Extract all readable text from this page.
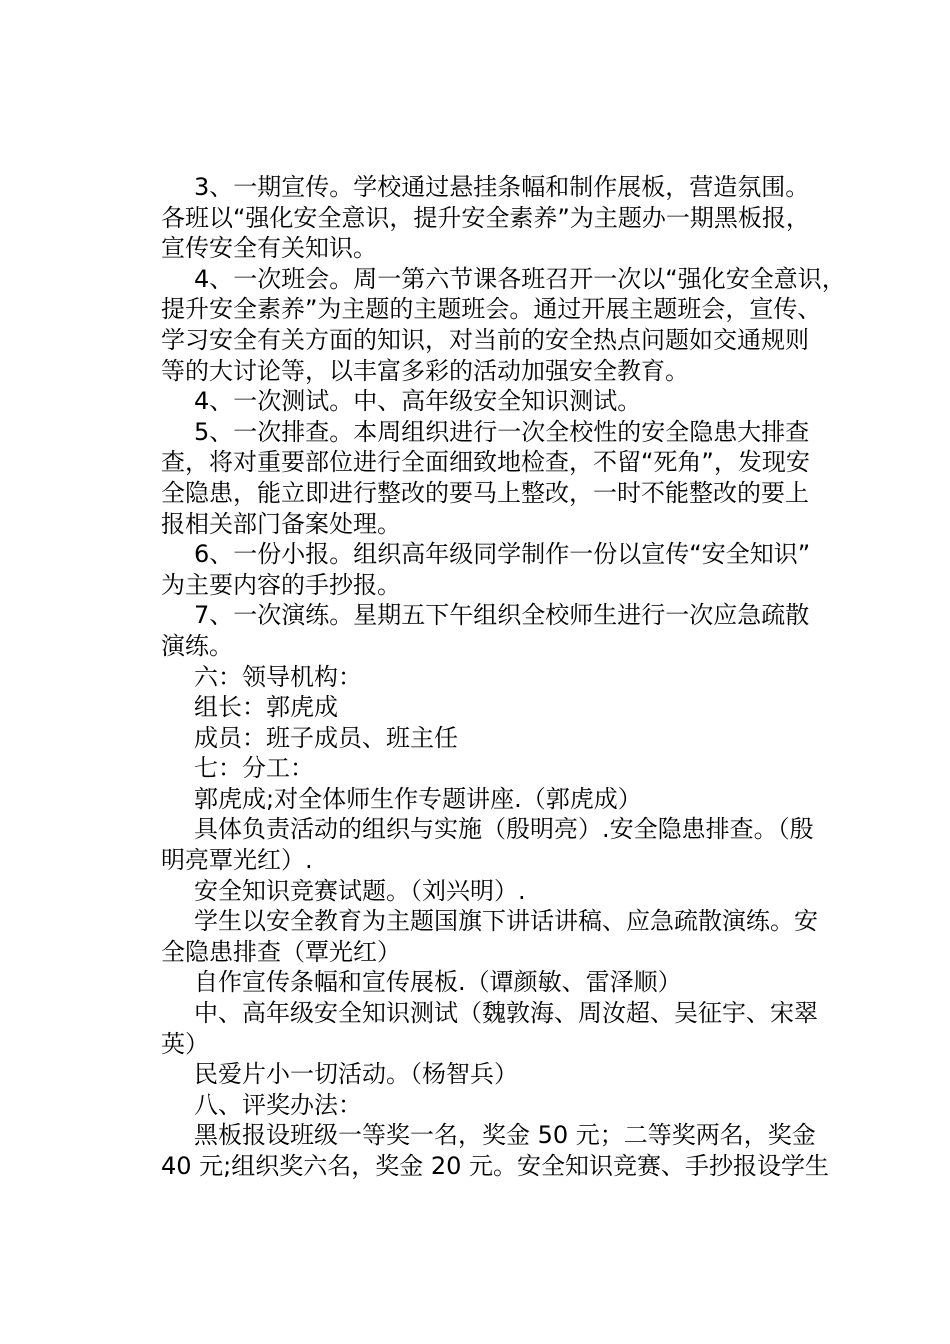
3、一期宣传。学校通过悬挂条幅和制作展板，营造氛围。
各班以“强化安全意识，提升安全素养”为主题办一期黑板报，
宣传安全有关知识。
4、一次班会。周一第六节课各班召开一次以“强化安全意识，
提升安全素养”为主题的主题班会。通过开展主题班会，宣传、
学习安全有关方面的知识，对当前的安全热点问题如交通规则
等的大讨论等，以丰富多彩的活动加强安全教育。
4、一次测试。中、高年级安全知识测试。
5、一次排查。本周组织进行一次全校性的安全隐患大排查
查，将对重要部位进行全面细致地检查，不留“死角”，发现安
全隐患，能立即进行整改的要马上整改，一时不能整改的要上
报相关部门备案处理。
6、一份小报。组织高年级同学制作一份以宣传“安全知识”
为主要内容的手抄报。
7、一次演练。星期五下午组织全校师生进行一次应急疏散
演练。
六：领导机构：
组长：郭虎成
成员：班子成员、班主任
七：分工：
郭虎成;对全体师生作专题讲座.（郭虎成）
具体负责活动的组织与实施（殷明亮）.安全隐患排查。（殷
明亮覃光红）.
安全知识竞赛试题。（刘兴明）.
学生以安全教育为主题国旗下讲话讲稿、应急疏散演练。安
全隐患排查（覃光红）
自作宣传条幅和宣传展板.（谭颜敏、雷泽顺）
中、高年级安全知识测试（魏敦海、周汝超、吴征宇、宋翠
英）
民爱片小一切活动。（杨智兵）
八、评奖办法：
黑板报设班级一等奖一名，奖金 50 元；二等奖两名，奖金
40 元;组织奖六名，奖金 20 元。安全知识竞赛、手抄报设学生
